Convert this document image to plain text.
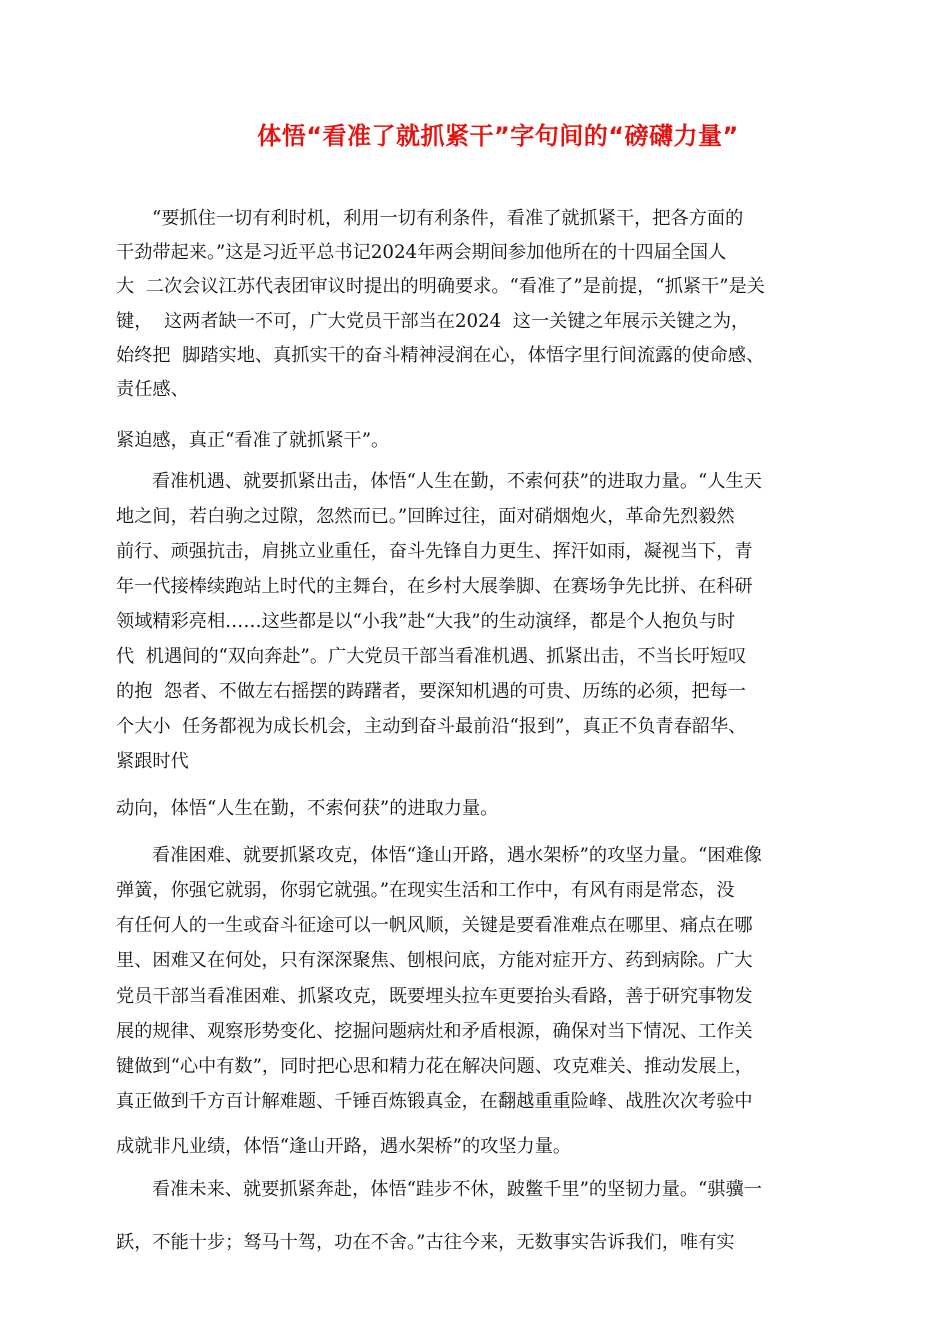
体悟“看准了就抓紧干”字句间的“磅礴力量”

“要抓住一切有利时机，利用一切有利条件，看准了就抓紧干，把各方面的

干劲带起来。”这是习近平总书记2024年两会期间参加他所在的十四届全国人

大  二次会议江苏代表团审议时提出的明确要求。“看准了”是前提，“抓紧干”是关

键，  这两者缺一不可，广大党员干部当在2024  这一关键之年展示关键之为，

始终把  脚踏实地、真抓实干的奋斗精神浸润在心，体悟字里行间流露的使命感、

责任感、

紧迫感，真正“看准了就抓紧干”。

看准机遇、就要抓紧出击，体悟“人生在勤，不索何获”的进取力量。“人生天

地之间，若白驹之过隙，忽然而已。”回眸过往，面对硝烟炮火，革命先烈毅然

前行、顽强抗击，肩挑立业重任，奋斗先锋自力更生、挥汗如雨，凝视当下，青

年一代接棒续跑站上时代的主舞台，在乡村大展拳脚、在赛场争先比拼、在科研

领域精彩亮相……这些都是以“小我”赴“大我”的生动演绎，都是个人抱负与时

代  机遇间的“双向奔赴”。广大党员干部当看准机遇、抓紧出击，不当长吁短叹

的抱  怨者、不做左右摇摆的踌躇者，要深知机遇的可贵、历练的必须，把每一

个大小  任务都视为成长机会，主动到奋斗最前沿“报到”，真正不负青春韶华、

紧跟时代

动向，体悟“人生在勤，不索何获”的进取力量。

看准困难、就要抓紧攻克，体悟“逢山开路，遇水架桥”的攻坚力量。“困难像

弹簧，你强它就弱，你弱它就强。”在现实生活和工作中，有风有雨是常态，没

有任何人的一生或奋斗征途可以一帆风顺，关键是要看准难点在哪里、痛点在哪

里、困难又在何处，只有深深聚焦、刨根问底，方能对症开方、药到病除。广大

党员干部当看准困难、抓紧攻克，既要埋头拉车更要抬头看路，善于研究事物发

展的规律、观察形势变化、挖掘问题病灶和矛盾根源，确保对当下情况、工作关

键做到“心中有数”，同时把心思和精力花在解决问题、攻克难关、推动发展上，

真正做到千方百计解难题、千锤百炼锻真金，在翻越重重险峰、战胜次次考验中

成就非凡业绩，体悟“逢山开路，遇水架桥”的攻坚力量。

看准未来、就要抓紧奔赴，体悟“跬步不休，跛鳖千里”的坚韧力量。“骐骥一

跃，不能十步；驽马十驾，功在不舍。”古往今来，无数事实告诉我们，唯有实
